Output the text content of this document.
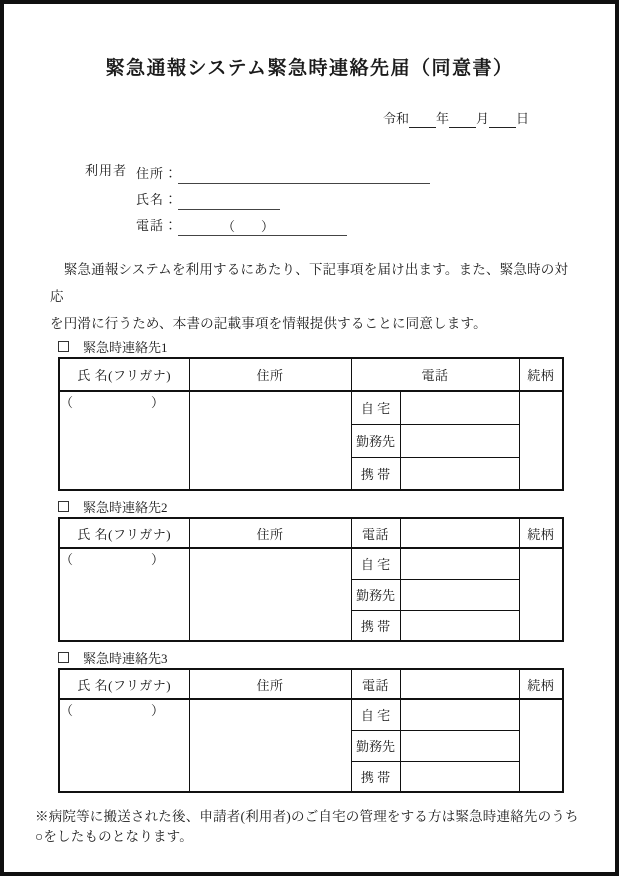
緊急通報システム緊急時連絡先届（同意書）
令和 年 月 日
利用者 住所：
氏名：
電話：	（　　）
　緊急通報システムを利用するにあたり、下記事項を届け出ます。また、緊急時の対応
を円滑に行うため、本書の記載事項を情報提供することに同意します。
緊急時連絡先1
氏 名(フリガナ)	住所	電話		続柄
（　　　　　　）		自 宅		
		勤務先		
		携 帯		
緊急時連絡先2
氏 名(フリガナ)	住所	電話		続柄
（　　　　　　）		自 宅		
		勤務先		
		携 帯		
緊急時連絡先3
氏 名(フリガナ)	住所	電話		続柄
（　　　　　　）		自 宅		
		勤務先		
		携 帯		
※病院等に搬送された後、申請者(利用者)のご自宅の管理をする方は緊急時連絡先のうち
○をしたものとなります。
